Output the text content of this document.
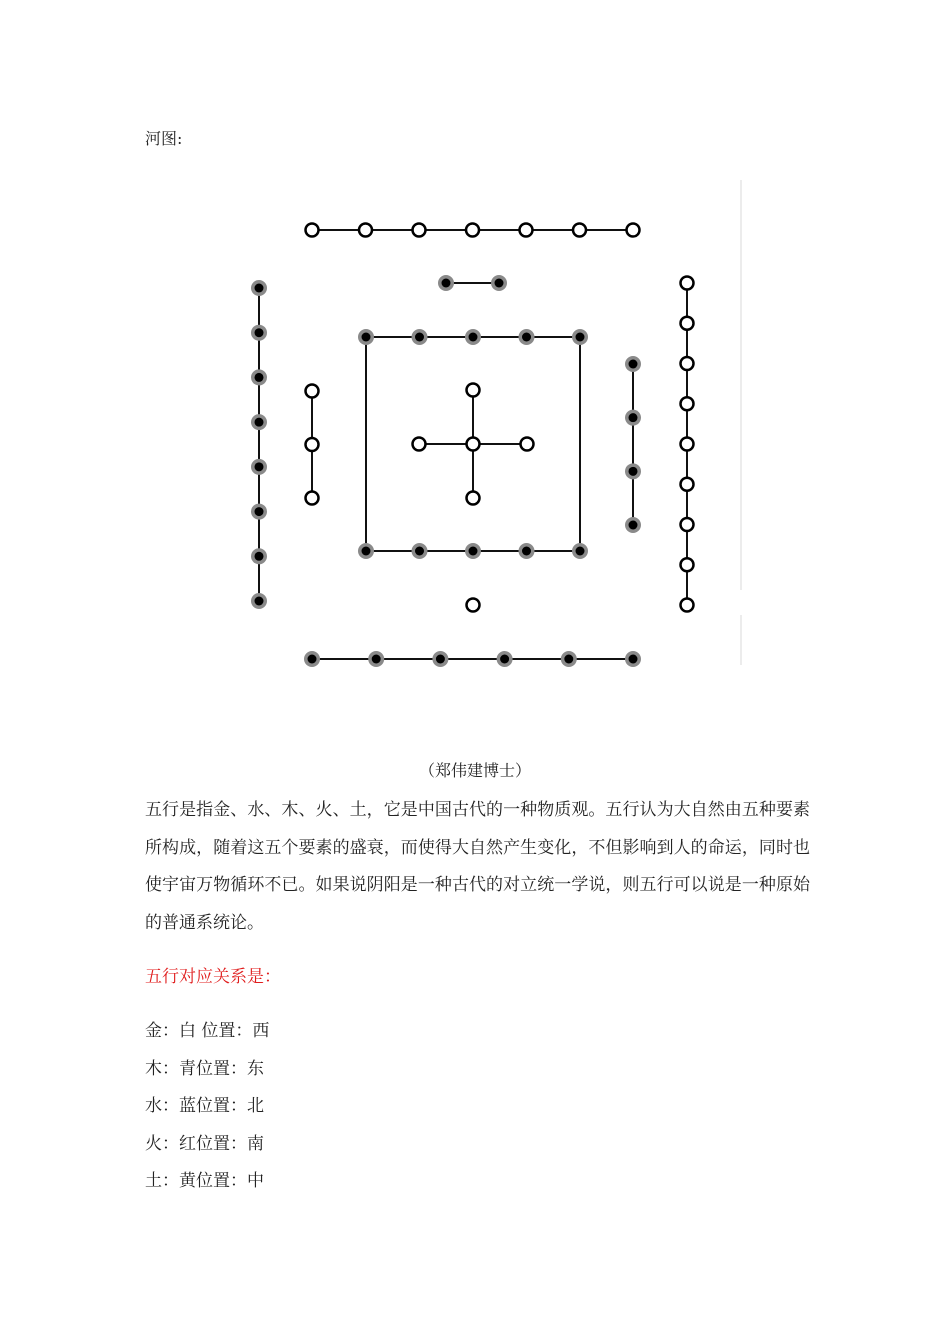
河图:
（郑伟建博士）

五行是指金、水、木、火、土，它是中国古代的一种物质观。五行认为大自然由五种要素所构成，随着这五个要素的盛衰，而使得大自然产生变化，不但影响到人的命运，同时也使宇宙万物循环不已。如果说阴阳是一种古代的对立统一学说，则五行可以说是一种原始的普通系统论。

五行对应关系是：
金：白 位置：西
木：青位置：东
水：蓝位置：北
火：红位置：南
土：黄位置：中
